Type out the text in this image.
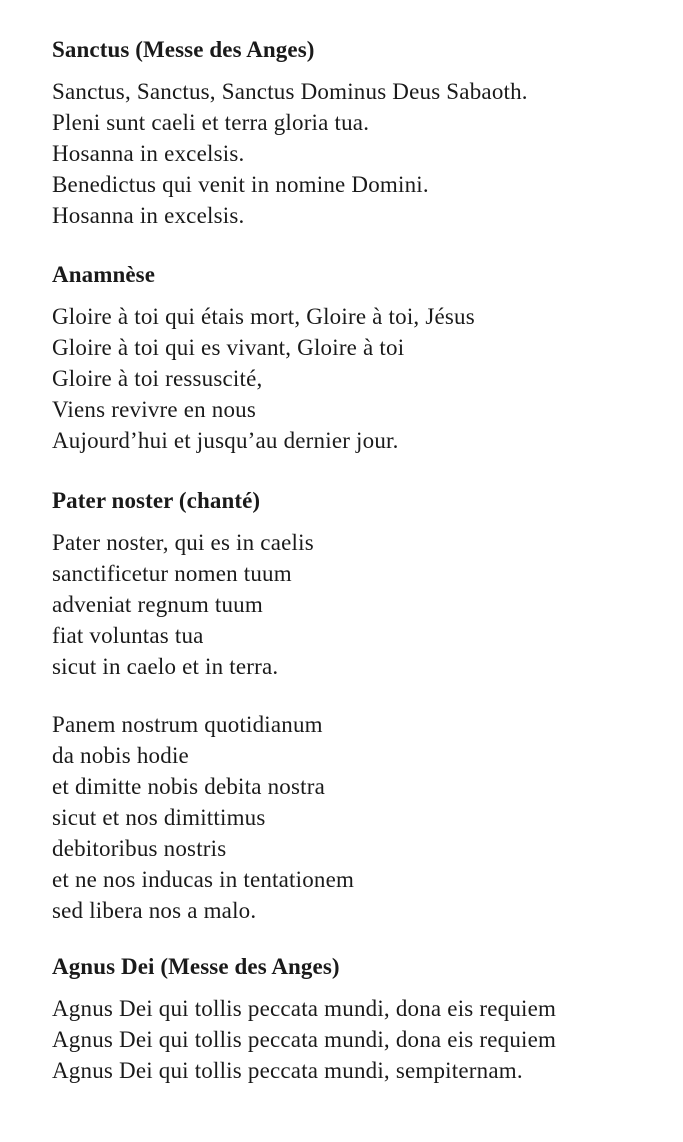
Sanctus (Messe des Anges)
Sanctus, Sanctus, Sanctus Dominus Deus Sabaoth.
Pleni sunt caeli et terra gloria tua.
Hosanna in excelsis.
Benedictus qui venit in nomine Domini.
Hosanna in excelsis.
Anamnèse
Gloire à toi qui étais mort, Gloire à toi, Jésus
Gloire à toi qui es vivant, Gloire à toi
Gloire à toi ressuscité,
Viens revivre en nous
Aujourd’hui et jusqu’au dernier jour.
Pater noster (chanté)
Pater noster, qui es in caelis
sanctificetur nomen tuum
adveniat regnum tuum
fiat voluntas tua
sicut in caelo et in terra.
Panem nostrum quotidianum
da nobis hodie
et dimitte nobis debita nostra
sicut et nos dimittimus
debitoribus nostris
et ne nos inducas in tentationem
sed libera nos a malo.
Agnus Dei (Messe des Anges)
Agnus Dei qui tollis peccata mundi, dona eis requiem
Agnus Dei qui tollis peccata mundi, dona eis requiem
Agnus Dei qui tollis peccata mundi, sempiternam.
